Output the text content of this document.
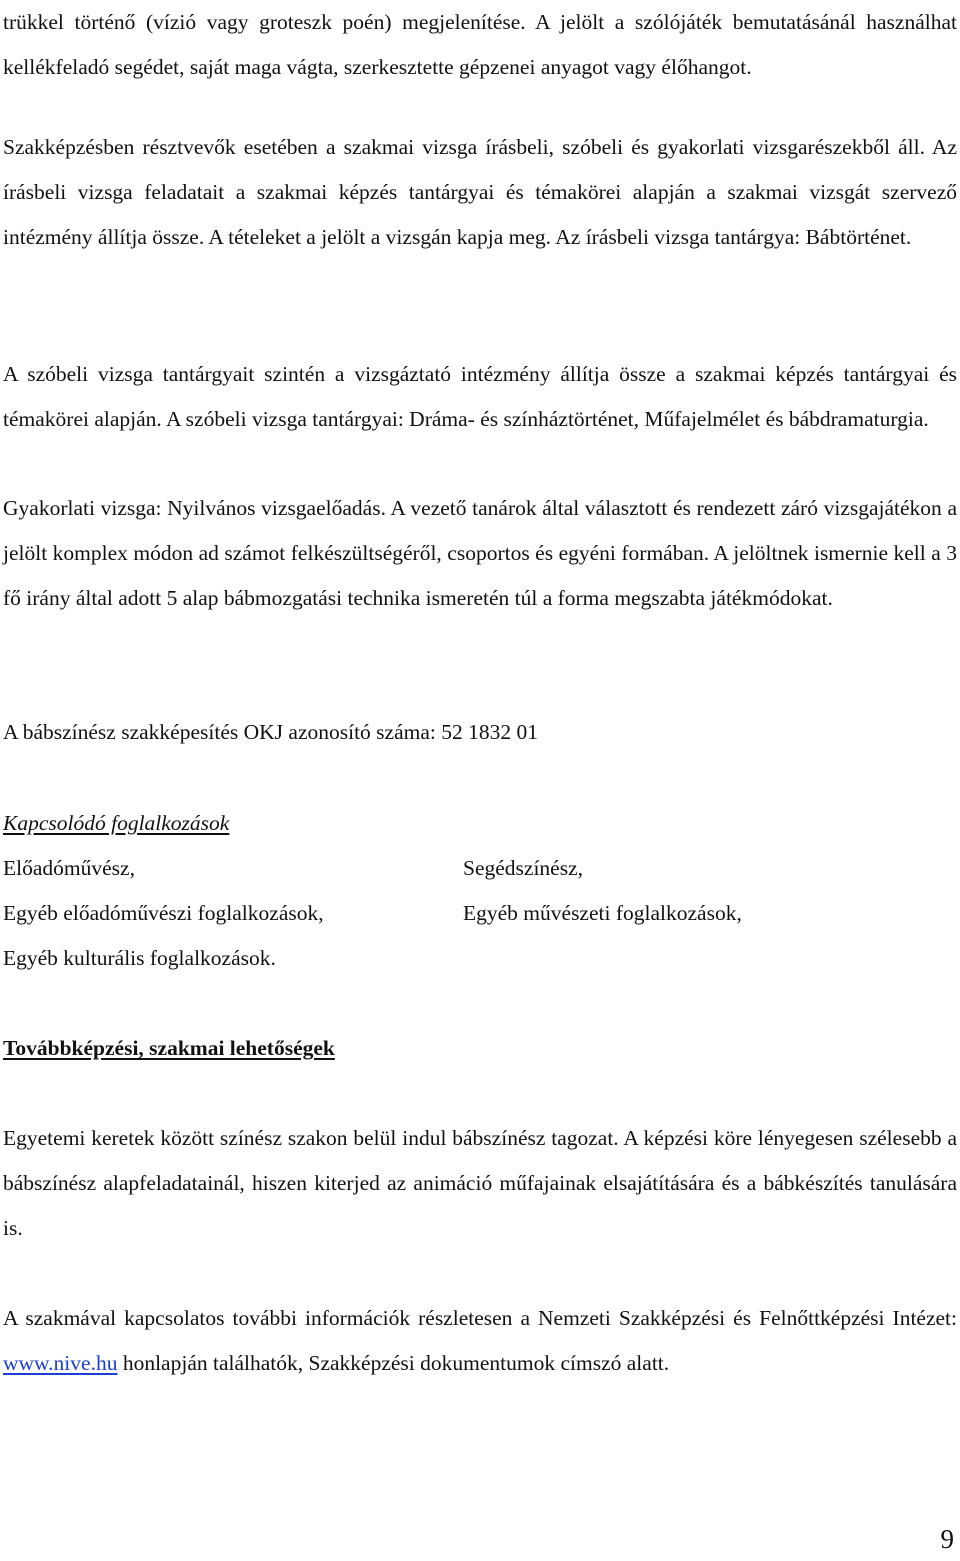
trükkel történő (vízió vagy groteszk poén) megjelenítése. A jelölt a szólójáték bemutatásánál használhat kellékfeladó segédet, saját maga vágta, szerkesztette gépzenei anyagot vagy élőhangot.

Szakképzésben résztvevők esetében a szakmai vizsga írásbeli, szóbeli és gyakorlati vizsgarészekből áll. Az írásbeli vizsga feladatait a szakmai képzés tantárgyai és témakörei alapján a szakmai vizsgát szervező intézmény állítja össze. A tételeket a jelölt a vizsgán kapja meg. Az írásbeli vizsga tantárgya: Bábtörténet.

A szóbeli vizsga tantárgyait szintén a vizsgáztató intézmény állítja össze a szakmai képzés tantárgyai és témakörei alapján. A szóbeli vizsga tantárgyai: Dráma- és színháztörténet, Műfajelmélet és bábdramaturgia.

Gyakorlati vizsga: Nyilvános vizsgaelőadás. A vezető tanárok által választott és rendezett záró vizsgajátékon a jelölt komplex módon ad számot felkészültségéről, csoportos és egyéni formában. A jelöltnek ismernie kell a 3 fő irány által adott 5 alap bábmozgatási technika ismeretén túl a forma megszabta játékmódokat.

A bábszínész szakképesítés OKJ azonosító száma: 52 1832 01

Kapcsolódó foglalkozások

Előadóművész,	Segédszínész,
Egyéb előadóművészi foglalkozások,	Egyéb művészeti foglalkozások,
Egyéb kulturális foglalkozások.

Továbbképzési, szakmai lehetőségek

Egyetemi keretek között színész szakon belül indul bábszínész tagozat. A képzési köre lényegesen szélesebb a bábszínész alapfeladatainál, hiszen kiterjed az animáció műfajainak elsajátítására és a bábkészítés tanulására is.

A szakmával kapcsolatos további információk részletesen a Nemzeti Szakképzési és Felnőttképzési Intézet: www.nive.hu honlapján találhatók, Szakképzési dokumentumok címszó alatt.

9
